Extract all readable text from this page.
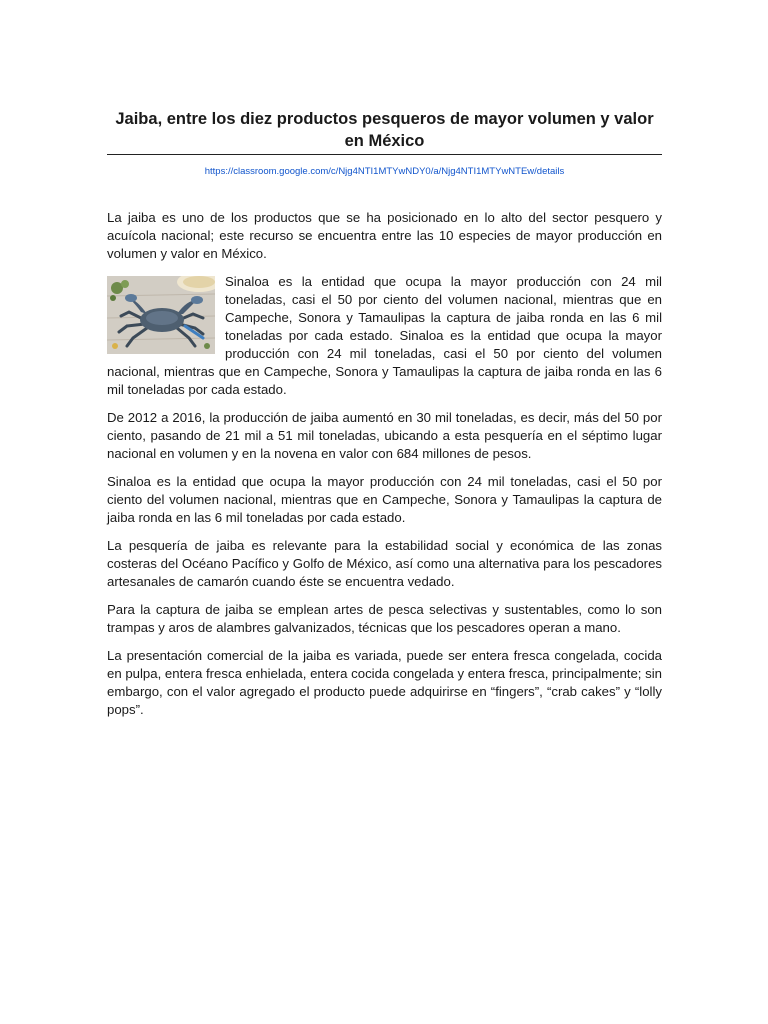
Jaiba, entre los diez productos pesqueros de mayor volumen y valor en México
https://classroom.google.com/c/Njg4NTI1MTYwNDY0/a/Njg4NTI1MTYwNTEw/details

La jaiba es uno de los productos que se ha posicionado en lo alto del sector pesquero y acuícola nacional; este recurso se encuentra entre las 10 especies de mayor producción en volumen y valor en México.

Sinaloa es la entidad que ocupa la mayor producción con 24 mil toneladas, casi el 50 por ciento del volumen nacional, mientras que en Campeche, Sonora y Tamaulipas la captura de jaiba ronda en las 6 mil toneladas por cada estado. Sinaloa es la entidad que ocupa la mayor producción con 24 mil toneladas, casi el 50 por ciento del volumen nacional, mientras que en Campeche, Sonora y Tamaulipas la captura de jaiba ronda en las 6 mil toneladas por cada estado.

De 2012 a 2016, la producción de jaiba aumentó en 30 mil toneladas, es decir, más del 50 por ciento, pasando de 21 mil a 51 mil toneladas, ubicando a esta pesquería en el séptimo lugar nacional en volumen y en la novena en valor con 684 millones de pesos.

Sinaloa es la entidad que ocupa la mayor producción con 24 mil toneladas, casi el 50 por ciento del volumen nacional, mientras que en Campeche, Sonora y Tamaulipas la captura de jaiba ronda en las 6 mil toneladas por cada estado.

La pesquería de jaiba es relevante para la estabilidad social y económica de las zonas costeras del Océano Pacífico y Golfo de México, así como una alternativa para los pescadores artesanales de camarón cuando éste se encuentra vedado.

Para la captura de jaiba se emplean artes de pesca selectivas y sustentables, como lo son trampas y aros de alambres galvanizados, técnicas que los pescadores operan a mano.

La presentación comercial de la jaiba es variada, puede ser entera fresca congelada, cocida en pulpa, entera fresca enhielada, entera cocida congelada y entera fresca, principalmente; sin embargo, con el valor agregado el producto puede adquirirse en “fingers”, “crab cakes” y “lolly pops”.
